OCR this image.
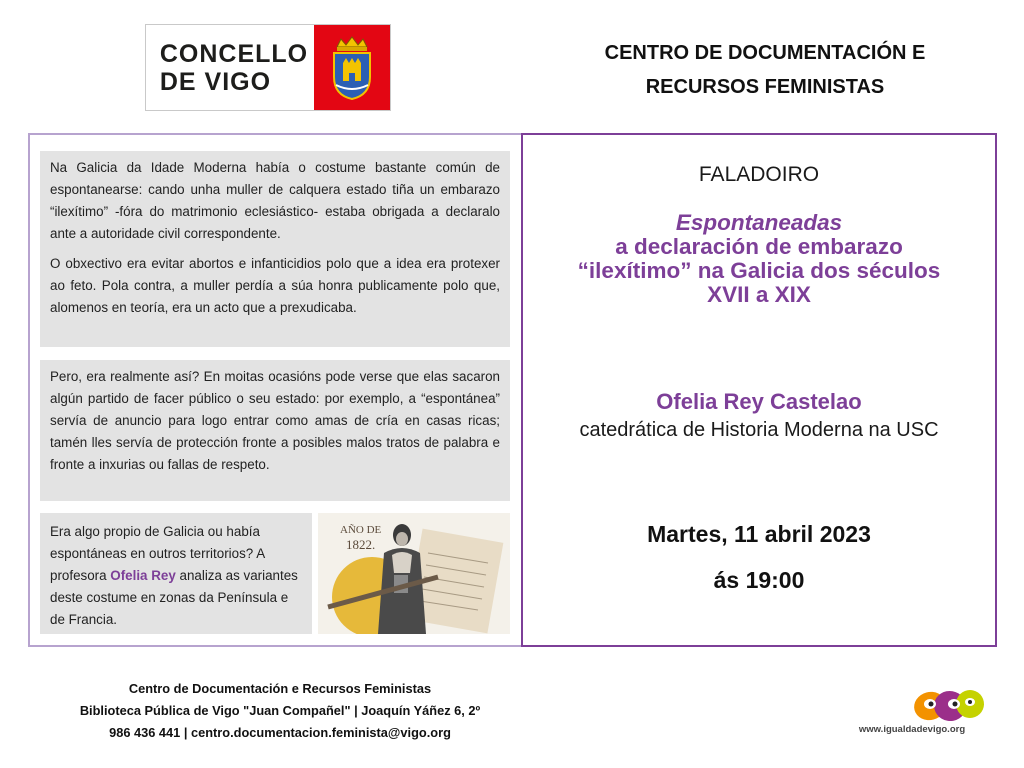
CONCELLO
DE VIGO
CENTRO DE DOCUMENTACIÓN E
RECURSOS FEMINISTAS

Na Galicia da Idade Moderna había o costume bastante común de espontanearse: cando unha muller de calquera estado tiña un embarazo “ilexítimo” -fóra do matrimonio eclesiástico- estaba obrigada a declaralo ante a autoridade civil correspondente.

O obxectivo era evitar abortos e infanticidios polo que a idea era protexer ao feto. Pola contra, a muller perdía a súa honra publicamente polo que, alomenos en teoría, era un acto que a prexudicaba.

Pero, era realmente así? En moitas ocasións pode verse que elas sacaron algún partido de facer público o seu estado: por exemplo, a “espontánea” servía de anuncio para logo entrar como amas de cría en casas ricas; tamén lles servía de protección fronte a posibles malos tratos de palabra e fronte a inxurias ou fallas de respeto.

Era algo propio de Galicia ou había espontáneas en outros territorios? A profesora Ofelia Rey analiza as variantes deste costume en zonas da Península e de Francia.
AÑO DE
1822.
FALADOIRO
Espontaneadas
a declaración de embarazo
“ilexítimo” na Galicia dos séculos
XVII a XIX
Ofelia Rey Castelao
catedrática de Historia Moderna na USC
Martes, 11 abril 2023
ás 19:00
Centro de Documentación e Recursos Feministas
Biblioteca Pública de Vigo "Juan Compañel" | Joaquín Yáñez 6, 2º
986 436 441 | centro.documentacion.feminista@vigo.org	www.igualdadevigo.org
